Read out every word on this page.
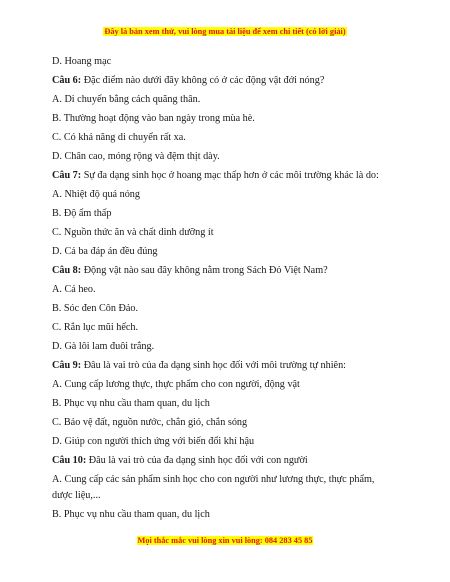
Đây là bản xem thử, vui lòng mua tài liệu để xem chi tiết (có lời giải)
D. Hoang mạc
Câu 6: Đặc điểm nào dưới đây không có ở các động vật đới nóng?
A. Di chuyển bằng cách quăng thân.
B. Thường hoạt động vào ban ngày trong mùa hè.
C. Có khả năng di chuyển rất xa.
D. Chân cao, móng rộng và đệm thịt dày.
Câu 7: Sự đa dạng sinh học ở hoang mạc thấp hơn ở các môi trường khác là do:
A. Nhiệt độ quá nóng
B. Độ ẩm thấp
C. Nguồn thức ăn và chất dinh dưỡng ít
D. Cả ba đáp án đều đúng
Câu 8: Động vật nào sau đây không nằm trong Sách Đỏ Việt Nam?
A. Cá heo.
B. Sóc đen Côn Đảo.
C. Rắn lục mũi hếch.
D. Gà lôi lam đuôi trắng.
Câu 9: Đâu là vai trò của đa dạng sinh học đối với môi trường tự nhiên:
A. Cung cấp lương thực, thực phẩm cho con người, động vật
B. Phục vụ nhu cầu tham quan, du lịch
C. Bảo vệ đất, nguồn nước, chắn gió, chắn sóng
D. Giúp con người thích ứng với biến đổi khí hậu
Câu 10: Đâu là vai trò của đa dạng sinh học đối với con người
A. Cung cấp các sản phẩm sinh học cho con người như lương thực, thực phẩm,
dược liệu,...
B. Phục vụ nhu cầu tham quan, du lịch
Mọi thắc mắc vui lòng xin vui lòng: 084 283 45 85
